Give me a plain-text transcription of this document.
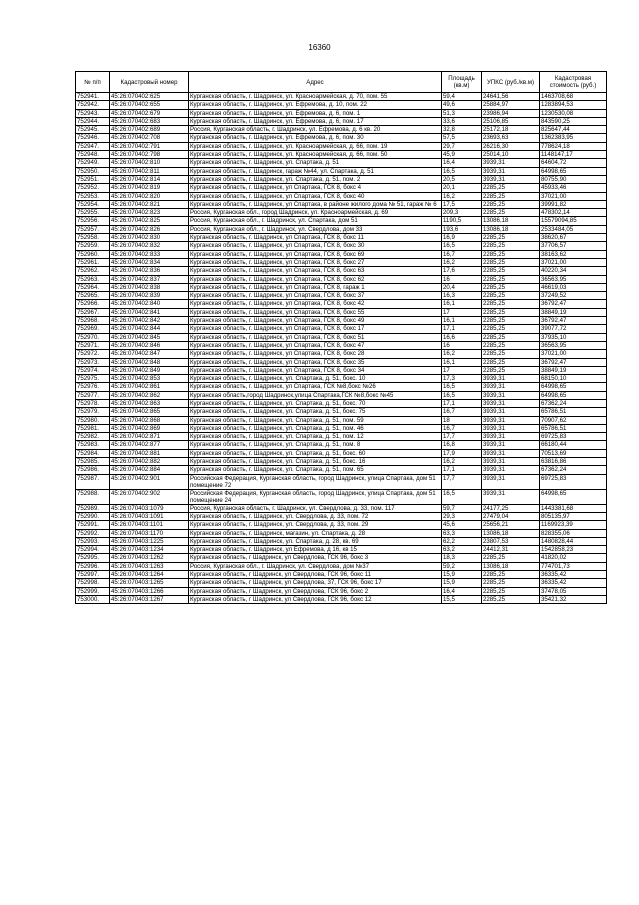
16360
№ п/п	Кадастровый номер	Адрес	Площадь (кв.м)	УПКС (руб./кв.м)	Кадастровая стоимость (руб.)
752941.	45:26:070402:625	Курганская область, г. Шадринск, ул. Красноармейская, д. 70, пом. 55	59,4	24641,56	1463708,68
752942.	45:26:070402:655	Курганская область, г. Шадринск, ул. Ефремова, д. 10, пом. 22	49,6	25884,97	1283894,53
752943.	45:26:070402:679	Курганская область, г. Шадринск, ул. Ефремова, д. 6, пом. 1	51,3	23986,94	1230530,08
752944.	45:26:070402:683	Курганская область, г. Шадринск, ул. Ефремова, д. 6, пом. 17	33,6	25106,85	843590,25
752945.	45:26:070402:689	Россия, Курганская область, г. Шадринск, ул. Ефремова, д. 6 кв. 20	32,8	25172,18	825647,44
752946.	45:26:070402:708	Курганская область, г. Шадринск, ул. Ефремова, д. 6, пом. 30	57,5	23693,63	1362383,95
752947.	45:26:070402:791	Курганская область, г. Шадринск, ул. Красноармейская, д. 66, пом. 19	29,7	26216,30	778624,18
752948.	45:26:070402:798	Курганская область, г. Шадринск, ул. Красноармейская, д. 66, пом. 50	45,9	25014,10	1148147,17
752949.	45:26:070402:810	Курганская область, г. Шадринск, ул. Спартака, д. 51	16,4	3939,31	64604,72
752950.	45:26:070402:811	Курганская область, г. Шадринск, гараж №44, ул. Спартака, д. 51	16,5	3939,31	64998,65
752951.	45:26:070402:814	Курганская область, г. Шадринск, ул. Спартака, д. 51, пом. 2	20,5	3939,31	80755,90
752952.	45:26:070402:819	Курганская область, г. Шадринск, ул Спартака, ГСК 8, бокс 4	20,1	2285,25	45933,46
752953.	45:26:070402:820	Курганская область, г. Шадринск, ул Спартака, ГСК 8, бокс 40	16,2	2285,25	37021,00
752954.	45:26:070402:821	Курганская область, г. Шадринск, ул Спартака, в районе жилого дома № 51, гараж № 6	17,5	2285,25	39991,82
752955.	45:26:070402:823	Россия, Курганская обл., город Шадринск, ул. Красноармейская, д. 69	209,3	2285,25	478302,14
752956.	45:26:070402:825	Россия, Курганская обл., г. Шадринск, ул. Спартака, дом 51	1190,5	13086,18	15579094,85
752957.	45:26:070402:826	Россия, Курганская обл., г. Шадринск, ул. Свердлова, дом 33	193,6	13086,18	2533484,05
752958.	45:26:070402:830	Курганская область, г. Шадринск, ул Спартака, ГСК 8, бокс 11	16,9	2285,25	38620,67
752959.	45:26:070402:832	Курганская область, г. Шадринск, ул Спартака, ГСК 8, бокс 30	16,5	2285,25	37706,57
752960.	45:26:070402:833	Курганская область, г. Шадринск, ул Спартака, ГСК 8, бокс 69	16,7	2285,25	38163,62
752961.	45:26:070402:834	Курганская область, г. Шадринск, ул Спартака, ГСК 8, бокс 27	16,2	2285,25	37021,00
752962.	45:26:070402:836	Курганская область, г. Шадринск, ул Спартака, ГСК 8, бокс 63	17,6	2285,25	40220,34
752963.	45:26:070402:837	Курганская область, г. Шадринск, ул Спартака, ГСК 8, бокс 62	16	2285,25	36563,95
752964.	45:26:070402:838	Курганская область, г. Шадринск, ул Спартака, ГСК 8, гараж 1	20,4	2285,25	46619,03
752965.	45:26:070402:839	Курганская область, г. Шадринск, ул Спартака, ГСК 8, бокс 37	16,3	2285,25	37249,52
752966.	45:26:070402:840	Курганская область, г. Шадринск, ул Спартака, ГСК 8, бокс 42	16,1	2285,25	36792,47
752967.	45:26:070402:841	Курганская область, г. Шадринск, ул Спартака, ГСК 8, бокс 55	17	2285,25	38849,19
752968.	45:26:070402:842	Курганская область, г. Шадринск, ул Спартака, ГСК 8, бокс 49	16,1	2285,25	36792,47
752969.	45:26:070402:844	Курганская область, г. Шадринск, ул Спартака, ГСК 8, бокс 17	17,1	2285,25	39077,72
752970.	45:26:070402:845	Курганская область, г. Шадринск, ул Спартака, ГСК 8, бокс 51	16,6	2285,25	37935,10
752971.	45:26:070402:846	Курганская область, г. Шадринск, ул Спартака, ГСК 8, бокс 47	16	2285,25	36563,95
752972.	45:26:070402:847	Курганская область, г. Шадринск, ул Спартака, ГСК 8, бокс 28	16,2	2285,25	37021,00
752973.	45:26:070402:848	Курганская область, г. Шадринск, ул Спартака, ГСК 8, бокс 35	16,1	2285,25	36792,47
752974.	45:26:070402:849	Курганская область, г. Шадринск, ул Спартака, ГСК 8, бокс 34	17	2285,25	38849,19
752975.	45:26:070402:853	Курганская область, г. Шадринск, ул. Спартака, д. 51, бокс. 10	17,3	3939,31	68150,10
752976.	45:26:070402:861	Курганская область, г. Шадринск, ул Спартака, ГСК №8,бокс №26	16,5	3939,31	64998,65
752977.	45:26:070402:862	Курганская область,город Шадринск,улица Спартака,ГСК №8,бокс №45	16,5	3939,31	64998,65
752978.	45:26:070402:863	Курганская область, г. Шадринск, ул. Спартака, д. 51, бокс. 70	17,1	3939,31	67362,24
752979.	45:26:070402:865	Курганская область, г. Шадринск, ул. Спартака, д. 51, бокс. 75	16,7	3939,31	65786,51
752980.	45:26:070402:868	Курганская область, г. Шадринск, ул. Спартака, д. 51, пом. 59	18	3939,31	70907,62
752981.	45:26:070402:869	Курганская область, г. Шадринск, ул. Спартака, д. 51, пом. 46	16,7	3939,31	65786,51
752982.	45:26:070402:871	Курганская область, г. Шадринск, ул. Спартака, д. 51, пом. 12	17,7	3939,31	69725,83
752983.	45:26:070402:877	Курганская область, г. Шадринск, ул. Спартака, д. 51, пом. 8	16,8	3939,31	66180,44
752984.	45:26:070402:881	Курганская область, г. Шадринск, ул. Спартака, д. 51, бокс. 60	17,9	3939,31	70513,69
752985.	45:26:070402:882	Курганская область, г. Шадринск, ул. Спартака, д. 51, бокс. 16	16,2	3939,31	63816,86
752986.	45:26:070402:884	Курганская область, г. Шадринск, ул. Спартака, д. 51, пом. 65	17,1	3939,31	67362,24
752987.	45:26:070402:901	Российская Федерация, Курганская область, город Шадринск, улица Спартака, дом 51 помещение 72	17,7	3939,31	69725,83
752988.	45:26:070402:902	Российская Федерация, Курганская область, город Шадринск, улица Спартака, дом 51 помещение 24	16,5	3939,31	64998,65
752989.	45:26:070403:1079	Россия, Курганская область, г. Шадринск, ул. Свердлова, д. 33, пом. 117	59,7	24177,25	1443381,68
752990.	45:26:070403:1091	Курганская область, г. Шадринск, ул. Свердлова, д. 33, пом. 72	29,3	27479,04	805135,97
752991.	45:26:070403:1101	Курганская область, г. Шадринск, ул. Свердлова, д. 33, пом. 29	45,6	25656,21	1169923,39
752992.	45:26:070403:1170	Курганская область, г. Шадринск, магазин, ул. Спартака, д. 28	63,3	13086,18	828355,06
752993.	45:26:070403:1225	Курганская область, г. Шадринск, ул. Спартака, д. 28, кв. 69	62,2	23807,53	1480828,44
752994.	45:26:070403:1234	Курганская область, г. Шадринск, ул Ефремова, д 16, кв 15	63,2	24412,31	1542858,23
752995.	45:26:070403:1262	Курганская область, г Шадринск, ул Свердлова, ГСК 96, бокс 3	18,3	2285,25	41820,02
752996.	45:26:070403:1263	Россия, Курганская обл., г. Шадринск, ул. Свердлова, дом №37	59,2	13086,18	774701,73
752997.	45:26:070403:1264	Курганская область, г Шадринск, ул Свердлова, ГСК 96, бокс 11	15,9	2285,25	36335,42
752998.	45:26:070403:1265	Курганская область, г Шадринск, ул Свердлова, 37, ГСК 96, бокс 17	15,9	2285,25	36335,42
752999.	45:26:070403:1266	Курганская область, г Шадринск, ул Свердлова, ГСК 96, бокс 2	16,4	2285,25	37478,05
753000.	45:26:070403:1267	Курганская область, г Шадринск, ул Свердлова, ГСК 96, бокс 12	15,5	2285,25	35421,32
